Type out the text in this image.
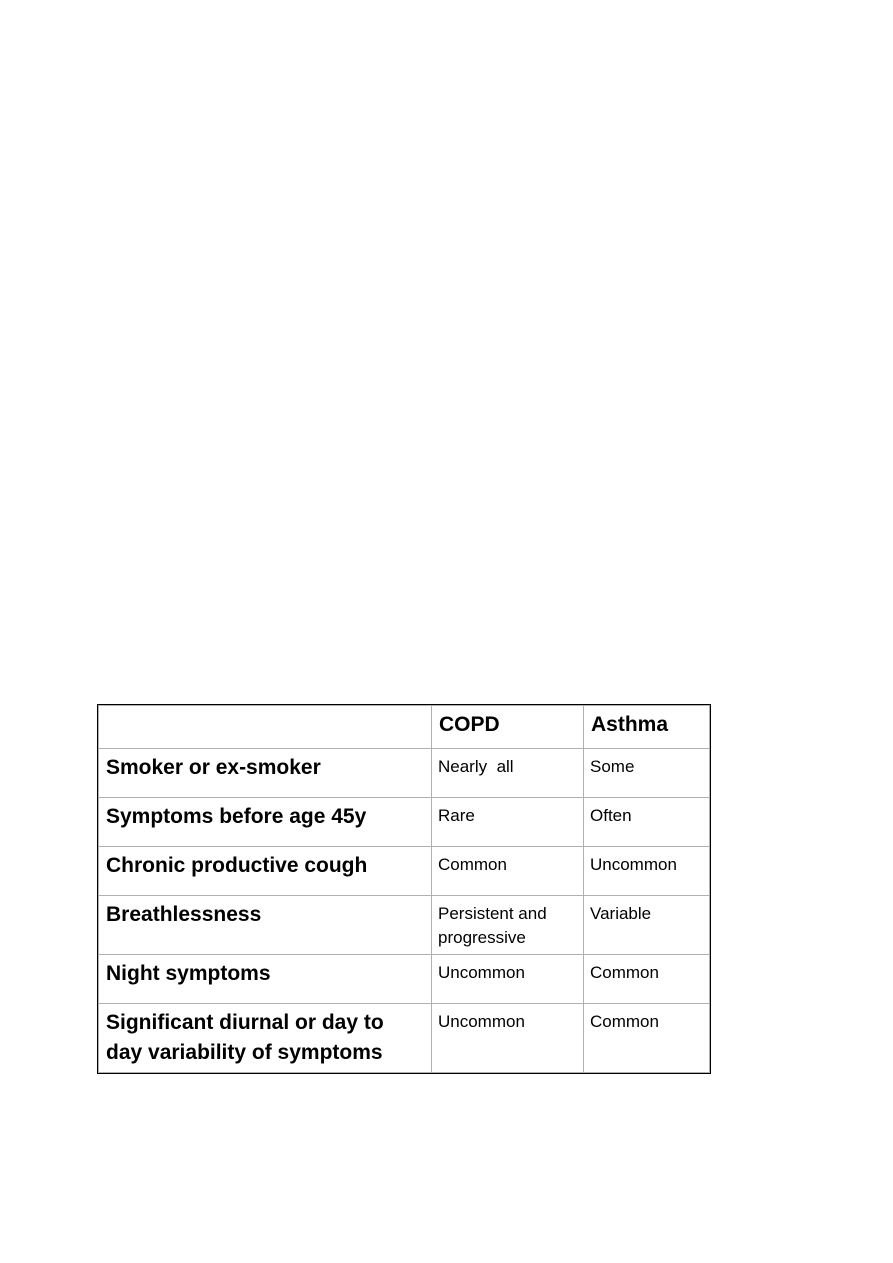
	COPD	Asthma

Smoker or ex-smoker	Nearly  all	Some

Symptoms before age 45y	Rare	Often

Chronic productive cough	Common	Uncommon

Breathlessness	Persistent and progressive	Variable

Night symptoms	Uncommon	Common

Significant diurnal or day to day variability of symptoms	Uncommon	Common
